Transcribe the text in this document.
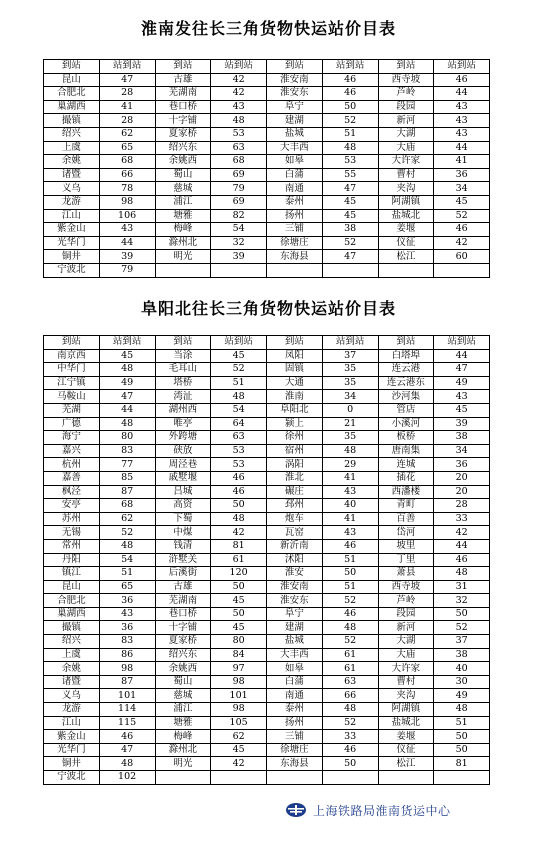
淮南发往长三角货物快运站价目表
到站	站到站	到站	站到站	到站	站到站	到站	站到站
昆山	47	古雄	42	淮安南	46	西寺坡	46
合肥北	28	芜湖南	42	淮安东	46	芦岭	44
巢湖西	41	巷口桥	43	阜宁	50	段园	43
撮镇	28	十字铺	48	建湖	52	新河	43
绍兴	62	夏家桥	53	盐城	51	大湖	43
上虞	65	绍兴东	63	大丰西	48	大庙	44
余姚	68	余姚西	68	如皋	53	大许家	41
诸暨	66	蜀山	69	白蒲	55	曹村	36
义乌	78	慈城	79	南通	47	夹沟	34
龙游	98	浦江	69	泰州	45	阿湖镇	45
江山	106	塘雅	82	扬州	45	盐城北	52
紫金山	43	梅峰	54	三铺	38	姜堰	46
光华门	44	滁州北	32	徐塘庄	52	仪征	42
铜井	39	明光	39	东海县	47	松江	60
宁波北	79						
阜阳北往长三角货物快运站价目表
到站	站到站	到站	站到站	到站	站到站	到站	站到站
南京西	45	当涂	45	凤阳	37	白塔埠	44
中华门	48	毛耳山	52	固镇	35	连云港	47
江宁镇	49	塔桥	51	大通	35	连云港东	49
马鞍山	47	湾沚	48	淮南	34	沙河集	43
芜湖	44	湖州西	54	阜阳北	0	管店	45
广德	48	唯亭	64	颍上	21	小溪河	39
海宁	80	外跨塘	63	徐州	35	板桥	38
嘉兴	83	硖放	53	宿州	48	唐南集	34
杭州	77	周泾巷	53	涡阳	29	连城	36
嘉善	85	戚墅堰	46	淮北	41	插花	20
枫泾	87	吕城	46	碾庄	43	西潘楼	20
安亭	68	高资	50	邳州	40	青町	28
苏州	62	下蜀	48	炮车	41	百善	33
无锡	52	中煤	42	瓦窑	43	岱河	42
常州	48	钱清	81	新沂南	46	坡里	44
丹阳	54	浒墅关	61	沭阳	51	丁里	46
镇江	51	后溪街	120	淮安	50	萧县	48
昆山	65	古雄	50	淮安南	51	西寺坡	31
合肥北	36	芜湖南	45	淮安东	52	芦岭	32
巢湖西	43	巷口桥	50	阜宁	46	段园	50
撮镇	36	十字铺	45	建湖	48	新河	52
绍兴	83	夏家桥	80	盐城	52	大湖	37
上虞	86	绍兴东	84	大丰西	61	大庙	38
余姚	98	余姚西	97	如皋	61	大许家	40
诸暨	87	蜀山	98	白蒲	63	曹村	30
义乌	101	慈城	101	南通	66	夹沟	49
龙游	114	浦江	98	泰州	48	阿湖镇	48
江山	115	塘雅	105	扬州	52	盐城北	51
紫金山	46	梅峰	62	三铺	33	姜堰	50
光华门	47	滁州北	45	徐塘庄	46	仪征	50
铜井	48	明光	42	东海县	50	松江	81
宁波北	102						
上海铁路局淮南货运中心
